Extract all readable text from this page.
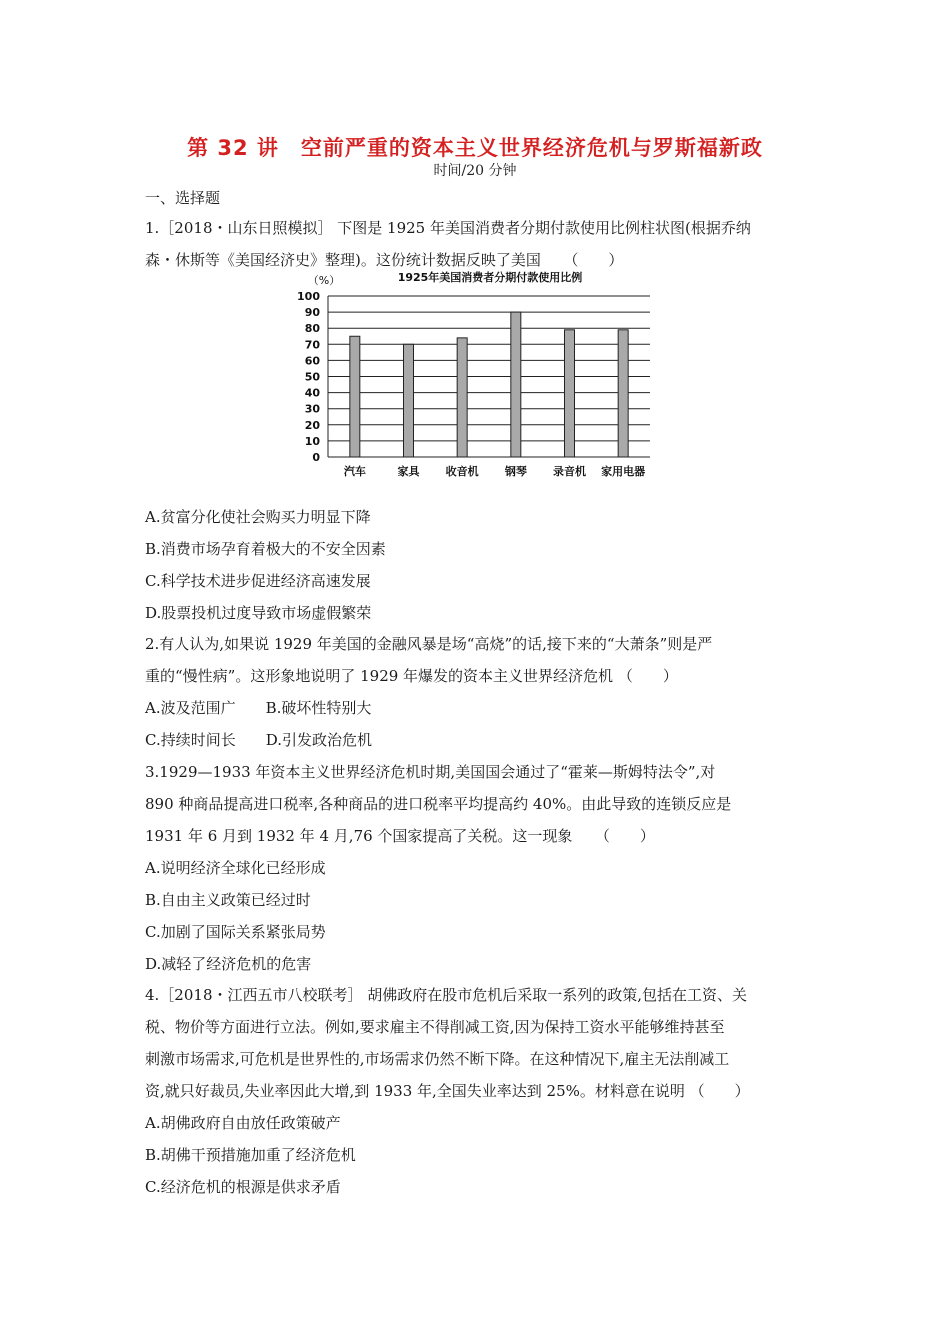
第 32 讲　空前严重的资本主义世界经济危机与罗斯福新政
时间/20 分钟
一、选择题
1.［2018・山东日照模拟］ 下图是 1925 年美国消费者分期付款使用比例柱状图(根据乔纳
森・休斯等《美国经济史》整理)。这份统计数据反映了美国　　（　　）
1925年美国消费者分期付款使用比例
（%）
0
10
20
30
40
50
60
70
80
90
100
汽车	家具 收音机 钢琴 录音机 家用电器
A.贫富分化使社会购买力明显下降
B.消费市场孕育着极大的不安全因素
C.科学技术进步促进经济高速发展
D.股票投机过度导致市场虚假繁荣
2.有人认为,如果说 1929 年美国的金融风暴是场“高烧”的话,接下来的“大萧条”则是严
重的“慢性病”。这形象地说明了 1929 年爆发的资本主义世界经济危机 （　　）
A.波及范围广　　B.破坏性特别大
C.持续时间长　　D.引发政治危机
3.1929—1933 年资本主义世界经济危机时期,美国国会通过了“霍莱—斯姆特法令”,对
890 种商品提高进口税率,各种商品的进口税率平均提高约 40%。由此导致的连锁反应是
1931 年 6 月到 1932 年 4 月,76 个国家提高了关税。这一现象　　（　　）
A.说明经济全球化已经形成
B.自由主义政策已经过时
C.加剧了国际关系紧张局势
D.减轻了经济危机的危害
4.［2018・江西五市八校联考］ 胡佛政府在股市危机后采取一系列的政策,包括在工资、关
税、物价等方面进行立法。例如,要求雇主不得削减工资,因为保持工资水平能够维持甚至
刺激市场需求,可危机是世界性的,市场需求仍然不断下降。在这种情况下,雇主无法削减工
资,就只好裁员,失业率因此大增,到 1933 年,全国失业率达到 25%。材料意在说明 （　　）
A.胡佛政府自由放任政策破产
B.胡佛干预措施加重了经济危机
C.经济危机的根源是供求矛盾
